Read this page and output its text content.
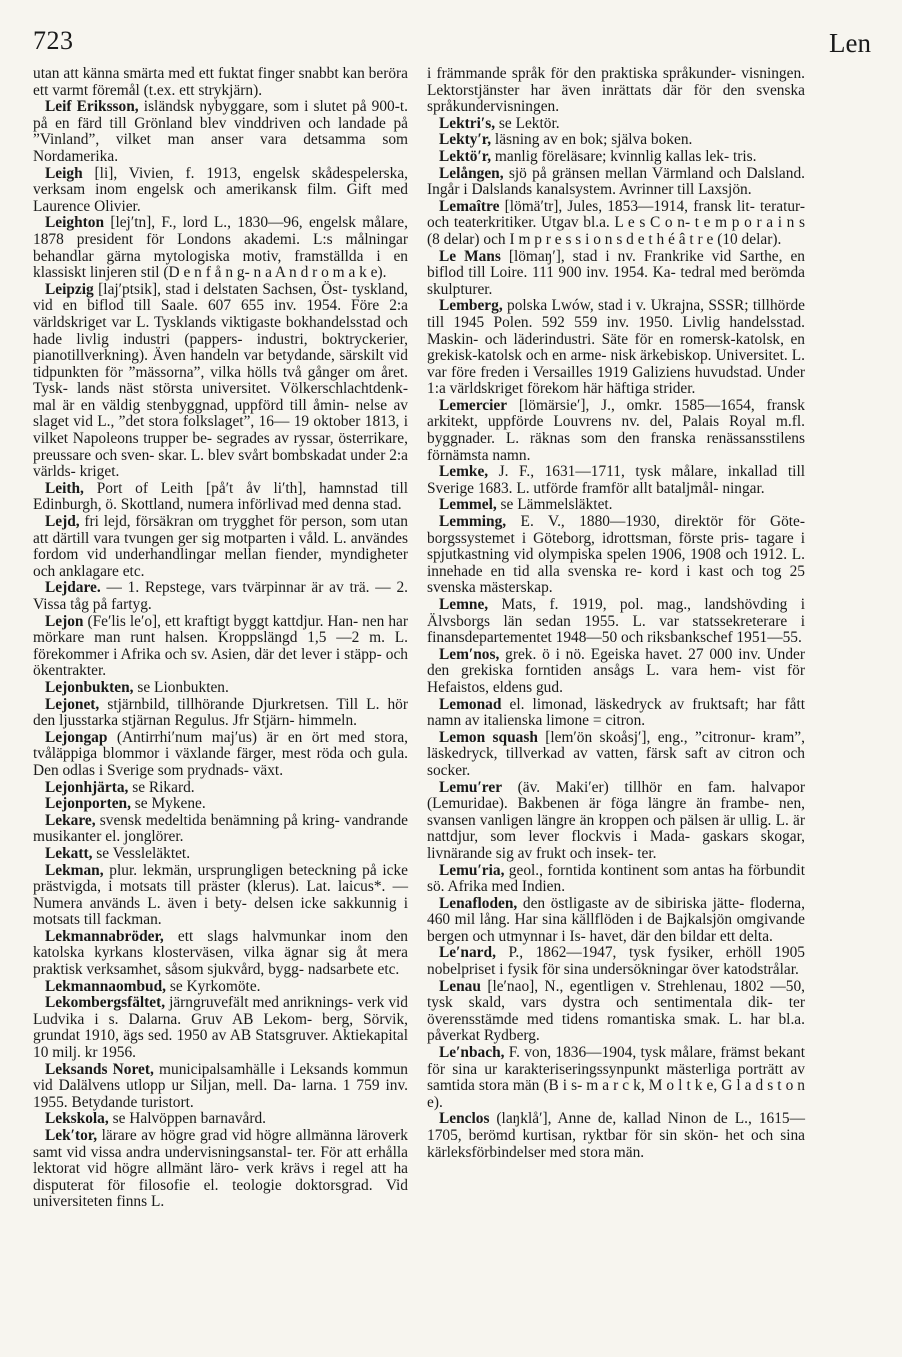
723	Len

utan att känna smärta med ett fuktat finger snabbt kan beröra ett varmt föremål (t.ex. ett strykjärn).

Leif Eriksson, isländsk nybyggare, som i slutet på 900-t. på en färd till Grönland blev vinddriven och landade på ”Vinland”, vilket man anser vara detsamma som Nordamerika.

Leigh [li], Vivien, f. 1913, engelsk skådespelerska, verksam inom engelsk och amerikansk film. Gift med Laurence Olivier.

Leighton [lej′tn], F., lord L., 1830—96, engelsk målare, 1878 president för Londons akademi. L:s målningar behandlar gärna mytologiska motiv, framställda i en klassiskt linjeren stil (D e n f å n g- n a A n d r o m a k e).

Leipzig [laj′ptsik], stad i delstaten Sachsen, Öst- tyskland, vid en biflod till Saale. 607 655 inv. 1954. Före 2:a världskriget var L. Tysklands viktigaste bokhandelsstad och hade livlig industri (pappers- industri, boktryckerier, pianotillverkning). Även handeln var betydande, särskilt vid tidpunkten för ”mässorna”, vilka hölls två gånger om året. Tysk- lands näst största universitet. Völkerschlachtdenk- mal är en väldig stenbyggnad, uppförd till åmin- nelse av slaget vid L., ”det stora folkslaget”, 16— 19 oktober 1813, i vilket Napoleons trupper be- segrades av ryssar, österrikare, preussare och sven- skar. L. blev svårt bombskadat under 2:a världs- kriget.

Leith, Port of Leith [på′t åv li′th], hamnstad till Edinburgh, ö. Skottland, numera införlivad med denna stad.

Lejd, fri lejd, försäkran om trygghet för person, som utan att därtill vara tvungen ger sig motparten i våld. L. användes fordom vid underhandlingar mellan fiender, myndigheter och anklagare etc.

Lejdare. — 1. Repstege, vars tvärpinnar är av trä. — 2. Vissa tåg på fartyg.

Lejon (Fe′lis le′o], ett kraftigt byggt kattdjur. Han- nen har mörkare man runt halsen. Kroppslängd 1,5 —2 m. L. förekommer i Afrika och sv. Asien, där det lever i stäpp- och ökentrakter.

Lejonbukten, se Lionbukten.

Lejonet, stjärnbild, tillhörande Djurkretsen. Till L. hör den ljusstarka stjärnan Regulus. Jfr Stjärn- himmeln.

Lejongap (Antirrhi′num maj′us) är en ört med stora, tvåläppiga blommor i växlande färger, mest röda och gula. Den odlas i Sverige som prydnads- växt.

Lejonhjärta, se Rikard.

Lejonporten, se Mykene.

Lekare, svensk medeltida benämning på kring- vandrande musikanter el. jonglörer.

Lekatt, se Vessleläktet.

Lekman, plur. lekmän, ursprungligen beteckning på icke prästvigda, i motsats till präster (klerus). Lat. laicus*. — Numera används L. även i bety- delsen icke sakkunnig i motsats till fackman.

Lekmannabröder, ett slags halvmunkar inom den katolska kyrkans klosterväsen, vilka ägnar sig åt mera praktisk verksamhet, såsom sjukvård, bygg- nadsarbete etc.

Lekmannaombud, se Kyrkomöte.

Lekombergsfältet, järngruvefält med anriknings- verk vid Ludvika i s. Dalarna. Gruv AB Lekom- berg, Sörvik, grundat 1910, ägs sed. 1950 av AB Statsgruver. Aktiekapital 10 milj. kr 1956.

Leksands Noret, municipalsamhälle i Leksands kommun vid Dalälvens utlopp ur Siljan, mell. Da- larna. 1 759 inv. 1955. Betydande turistort.

Lekskola, se Halvöppen barnavård.

Lek′tor, lärare av högre grad vid högre allmänna läroverk samt vid vissa andra undervisningsanstal- ter. För att erhålla lektorat vid högre allmänt läro- verk krävs i regel att ha disputerat för filosofie el. teologie doktorsgrad. Vid universiteten finns L.

i främmande språk för den praktiska språkunder- visningen. Lektorstjänster har även inrättats där för den svenska språkundervisningen.

Lektri′s, se Lektör.

Lekty′r, läsning av en bok; själva boken.

Lektö′r, manlig föreläsare; kvinnlig kallas lek- tris.

Lelången, sjö på gränsen mellan Värmland och Dalsland. Ingår i Dalslands kanalsystem. Avrinner till Laxsjön.

Lemaître [lömä′tr], Jules, 1853—1914, fransk lit- teratur- och teaterkritiker. Utgav bl.a. L e s C o n- t e m p o r a i n s (8 delar) och I m p r e s s i o n s d e t h é â t r e (10 delar).

Le Mans [lömaŋ′], stad i nv. Frankrike vid Sarthe, en biflod till Loire. 111 900 inv. 1954. Ka- tedral med berömda skulpturer.

Lemberg, polska Lwów, stad i v. Ukrajna, SSSR; tillhörde till 1945 Polen. 592 559 inv. 1950. Livlig handelsstad. Maskin- och läderindustri. Säte för en romersk-katolsk, en grekisk-katolsk och en arme- nisk ärkebiskop. Universitet. L. var före freden i Versailles 1919 Galiziens huvudstad. Under 1:a världskriget förekom här häftiga strider.

Lemercier [lömärsie′], J., omkr. 1585—1654, fransk arkitekt, uppförde Louvrens nv. del, Palais Royal m.fl. byggnader. L. räknas som den franska renässansstilens förnämsta namn.

Lemke, J. F., 1631—1711, tysk målare, inkallad till Sverige 1683. L. utförde framför allt bataljmål- ningar.

Lemmel, se Lämmelsläktet.

Lemming, E. V., 1880—1930, direktör för Göte- borgssystemet i Göteborg, idrottsman, förste pris- tagare i spjutkastning vid olympiska spelen 1906, 1908 och 1912. L. innehade en tid alla svenska re- kord i kast och tog 25 svenska mästerskap.

Lemne, Mats, f. 1919, pol. mag., landshövding i Älvsborgs län sedan 1955. L. var statssekreterare i finansdepartementet 1948—50 och riksbankschef 1951—55.

Lem′nos, grek. ö i nö. Egeiska havet. 27 000 inv. Under den grekiska forntiden ansågs L. vara hem- vist för Hefaistos, eldens gud.

Lemonad el. limonad, läskedryck av fruktsaft; har fått namn av italienska limone = citron.

Lemon squash [lem′ön skoåsj′], eng., ”citronur- kram”, läskedryck, tillverkad av vatten, färsk saft av citron och socker.

Lemu′rer (äv. Maki′er) tillhör en fam. halvapor (Lemuridae). Bakbenen är föga längre än frambe- nen, svansen vanligen längre än kroppen och pälsen är ullig. L. är nattdjur, som lever flockvis i Mada- gaskars skogar, livnärande sig av frukt och insek- ter.

Lemu′ria, geol., forntida kontinent som antas ha förbundit sö. Afrika med Indien.

Lenafloden, den östligaste av de sibiriska jätte- floderna, 460 mil lång. Har sina källflöden i de Bajkalsjön omgivande bergen och utmynnar i Is- havet, där den bildar ett delta.

Le′nard, P., 1862—1947, tysk fysiker, erhöll 1905 nobelpriset i fysik för sina undersökningar över katodstrålar.

Lenau [le′nao], N., egentligen v. Strehlenau, 1802 —50, tysk skald, vars dystra och sentimentala dik- ter överensstämde med tidens romantiska smak. L. har bl.a. påverkat Rydberg.

Le′nbach, F. von, 1836—1904, tysk målare, främst bekant för sina ur karakteriseringssynpunkt mästerliga porträtt av samtida stora män (B i s- m a r c k, M o l t k e, G l a d s t o n e).

Lenclos (laŋklå′], Anne de, kallad Ninon de L., 1615—1705, berömd kurtisan, ryktbar för sin skön- het och sina kärleksförbindelser med stora män.
